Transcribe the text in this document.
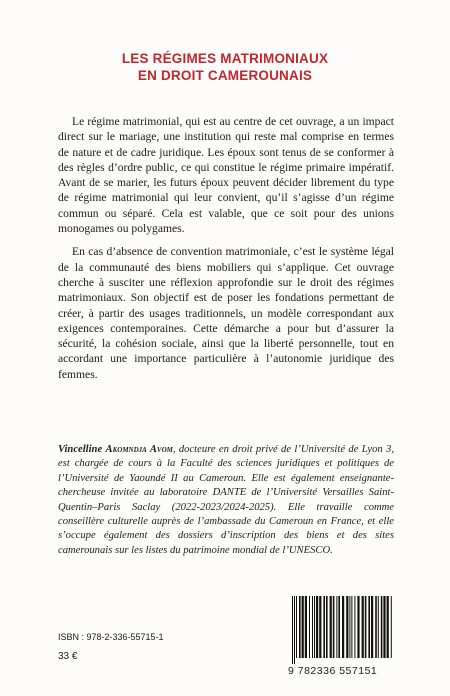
LES RÉGIMES MATRIMONIAUX
EN DROIT CAMEROUNAIS

Le régime matrimonial, qui est au centre de cet ouvrage, a un impact direct sur le mariage, une institution qui reste mal comprise en termes de nature et de cadre juridique. Les époux sont tenus de se conformer à des règles d’ordre public, ce qui constitue le régime primaire impératif. Avant de se marier, les futurs époux peuvent décider librement du type de régime matrimonial qui leur convient, qu’il s’agisse d’un régime commun ou séparé. Cela est valable, que ce soit pour des unions monogames ou polygames.

En cas d’absence de convention matrimoniale, c’est le système légal de la communauté des biens mobiliers qui s’applique. Cet ouvrage cherche à susciter une réflexion approfondie sur le droit des régimes matrimoniaux. Son objectif est de poser les fondations permettant de créer, à partir des usages traditionnels, un modèle correspondant aux exigences contemporaines. Cette démarche a pour but d’assurer la sécurité, la cohésion sociale, ainsi que la liberté personnelle, tout en accordant une importance particulière à l’autonomie juridique des femmes.

Vincelline Akomndja Avom, docteure en droit privé de l’Université de Lyon 3, est chargée de cours à la Faculté des sciences juridiques et politiques de l’Université de Yaoundé II au Cameroun. Elle est également enseignante-chercheuse invitée au laboratoire DANTE de l’Université Versailles Saint-Quentin–Paris Saclay (2022-2023/2024-2025). Elle travaille comme conseillère culturelle auprès de l’ambassade du Cameroun en France, et elle s’occupe également des dossiers d’inscription des biens et des sites camerounais sur les listes du patrimoine mondial de l’UNESCO.
ISBN : 978-2-336-55715-1
33 €
9 782336 557151
